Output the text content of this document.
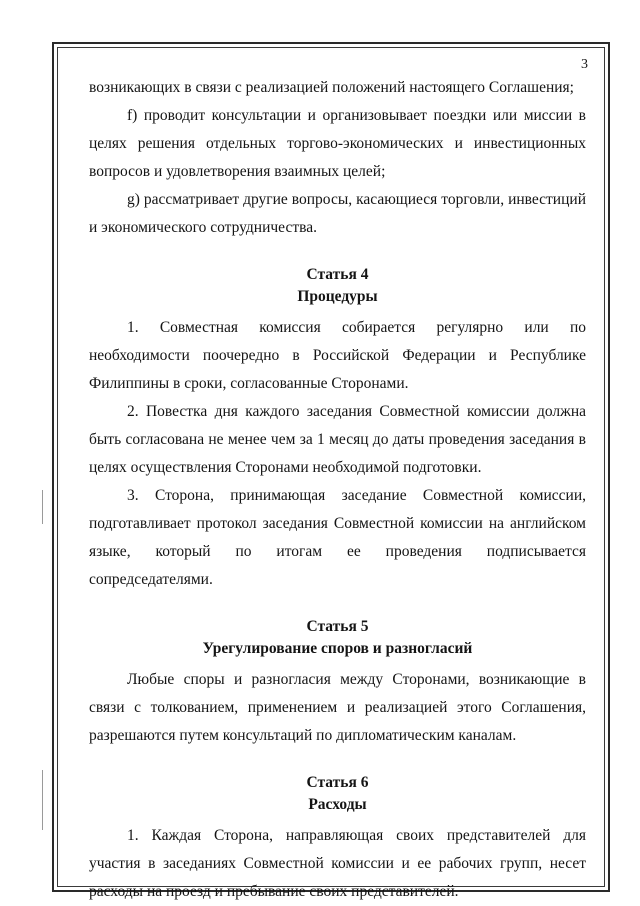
3

возникающих в связи с реализацией положений настоящего Соглашения;

f) проводит консультации и организовывает поездки или миссии в целях решения отдельных торгово-экономических и инвестиционных вопросов и удовлетворения взаимных целей;

g) рассматривает другие вопросы, касающиеся торговли, инвестиций и экономического сотрудничества.

Статья 4
Процедуры

1. Совместная комиссия собирается регулярно или по необходимости поочередно в Российской Федерации и Республике Филиппины в сроки, согласованные Сторонами.

2. Повестка дня каждого заседания Совместной комиссии должна быть согласована не менее чем за 1 месяц до даты проведения заседания в целях осуществления Сторонами необходимой подготовки.

3. Сторона, принимающая заседание Совместной комиссии, подготавливает протокол заседания Совместной комиссии на английском языке, который по итогам ее проведения подписывается сопредседателями.

Статья 5
Урегулирование споров и разногласий

Любые споры и разногласия между Сторонами, возникающие в связи с толкованием, применением и реализацией этого Соглашения, разрешаются путем консультаций по дипломатическим каналам.

Статья 6
Расходы

1. Каждая Сторона, направляющая своих представителей для участия в заседаниях Совместной комиссии и ее рабочих групп, несет расходы на проезд и пребывание своих представителей.
